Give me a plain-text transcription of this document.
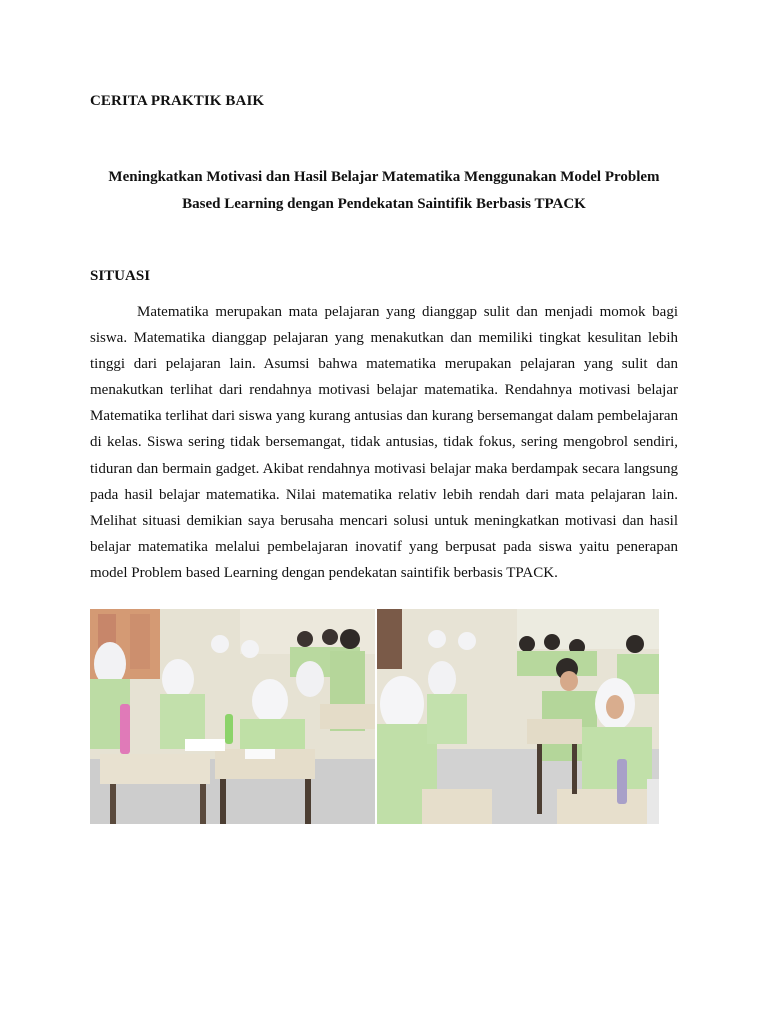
CERITA PRAKTIK BAIK
Meningkatkan Motivasi dan Hasil Belajar Matematika Menggunakan Model Problem
Based Learning dengan Pendekatan Saintifik Berbasis TPACK
SITUASI

Matematika merupakan mata pelajaran yang dianggap sulit dan menjadi momok bagi siswa. Matematika dianggap pelajaran yang menakutkan dan memiliki tingkat kesulitan lebih tinggi dari pelajaran lain. Asumsi bahwa matematika merupakan pelajaran yang sulit dan menakutkan terlihat dari rendahnya motivasi belajar matematika. Rendahnya motivasi belajar Matematika terlihat dari siswa yang kurang antusias dan kurang bersemangat dalam pembelajaran di kelas. Siswa sering tidak bersemangat, tidak antusias, tidak fokus, sering mengobrol sendiri, tiduran dan bermain gadget. Akibat rendahnya motivasi belajar maka berdampak secara langsung pada hasil belajar matematika. Nilai matematika relativ lebih rendah dari mata pelajaran lain. Melihat situasi demikian saya berusaha mencari solusi untuk meningkatkan motivasi dan hasil belajar matematika melalui pembelajaran inovatif yang berpusat pada siswa yaitu penerapan model Problem based Learning dengan pendekatan saintifik berbasis TPACK.
